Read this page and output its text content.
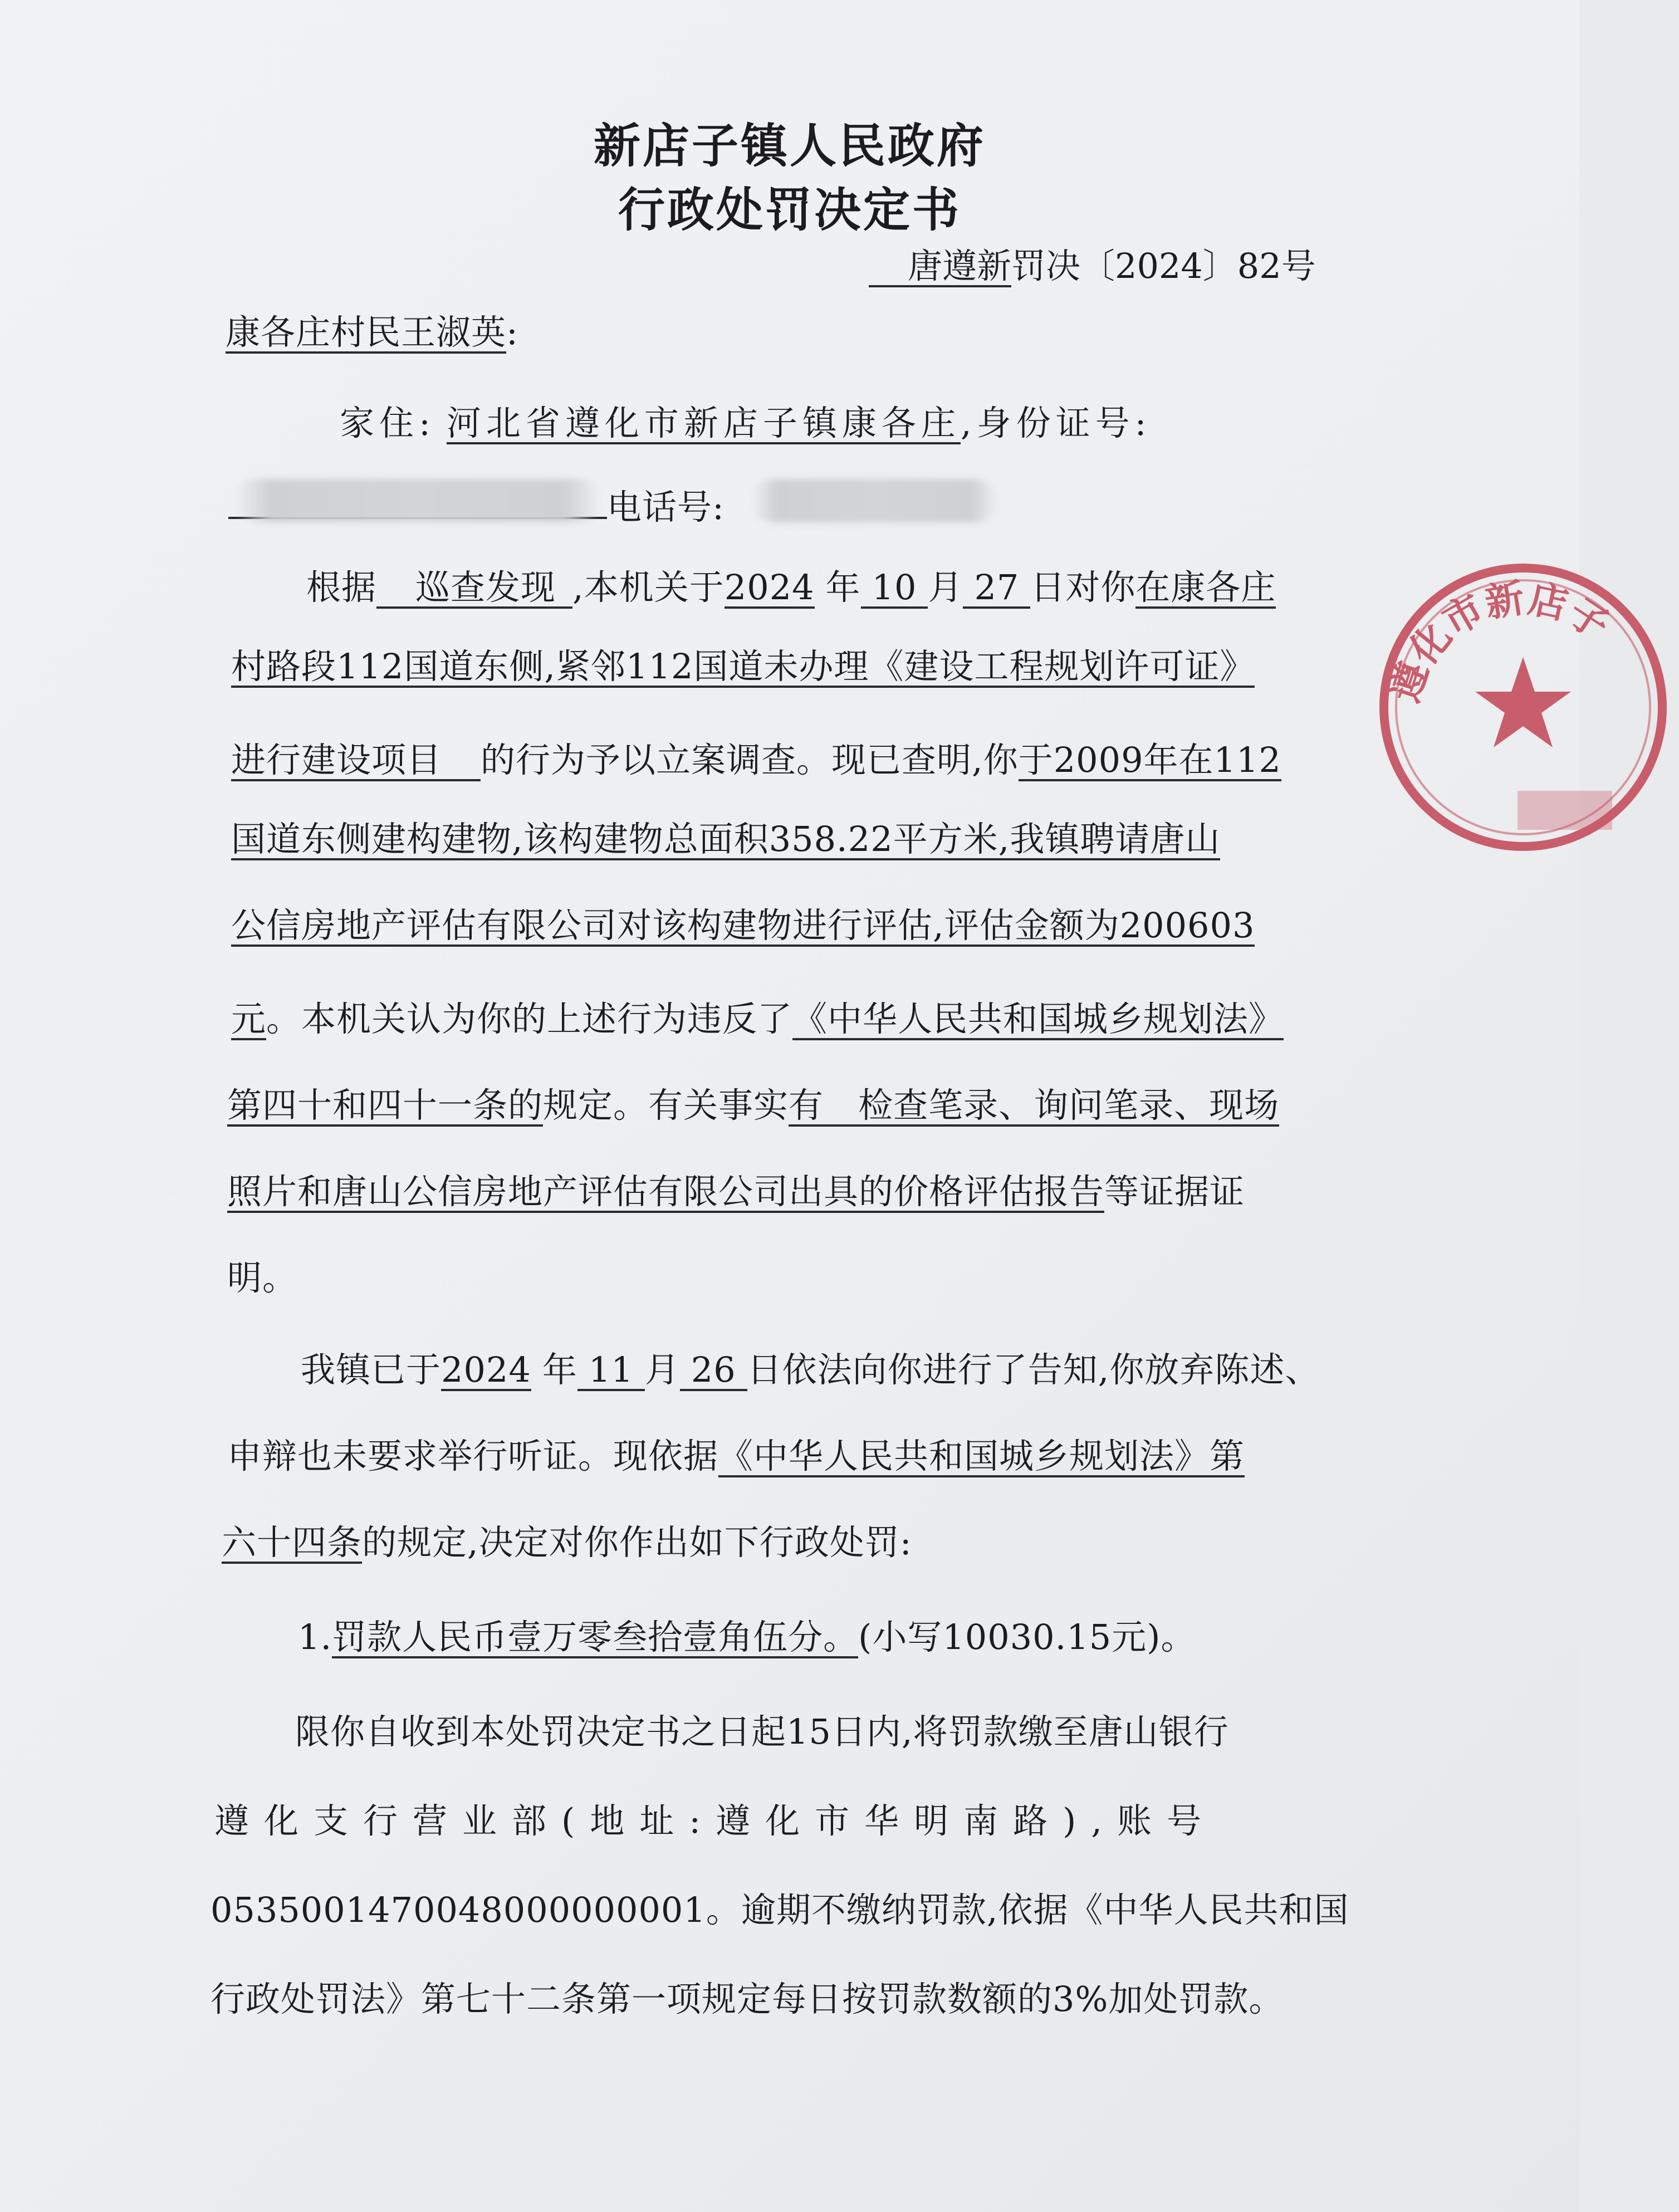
新店子镇人民政府
行政处罚决定书
唐遵新罚决〔2024〕82号
康各庄村民王淑英:
家住: 河北省遵化市新店子镇康各庄,身份证号:
电话号:
根据 巡查发现 ,本机关于2024 年 10 月 27 日对你在康各庄
村路段112国道东侧,紧邻112国道未办理《建设工程规划许可证》
进行建设项目 的行为予以立案调查。现已查明,你于2009年在112
国道东侧建构建物,该构建物总面积358.22平方米,我镇聘请唐山
公信房地产评估有限公司对该构建物进行评估,评估金额为200603
元。本机关认为你的上述行为违反了《中华人民共和国城乡规划法》
第四十和四十一条的规定。有关事实有   检查笔录、询问笔录、现场
照片和唐山公信房地产评估有限公司出具的价格评估报告等证据证
明。
我镇已于2024 年 11 月 26 日依法向你进行了告知,你放弃陈述、
申辩也未要求举行听证。现依据《中华人民共和国城乡规划法》第
六十四条的规定,决定对你作出如下行政处罚:
1.罚款人民币壹万零叁拾壹角伍分。(小写10030.15元)。
限你自收到本处罚决定书之日起15日内,将罚款缴至唐山银行
遵化支行营业部(地址:遵化市华明南路),账号
0535001470048000000001。逾期不缴纳罚款,依据《中华人民共和国
行政处罚法》第七十二条第一项规定每日按罚款数额的3%加处罚款。
遵化市新店子
